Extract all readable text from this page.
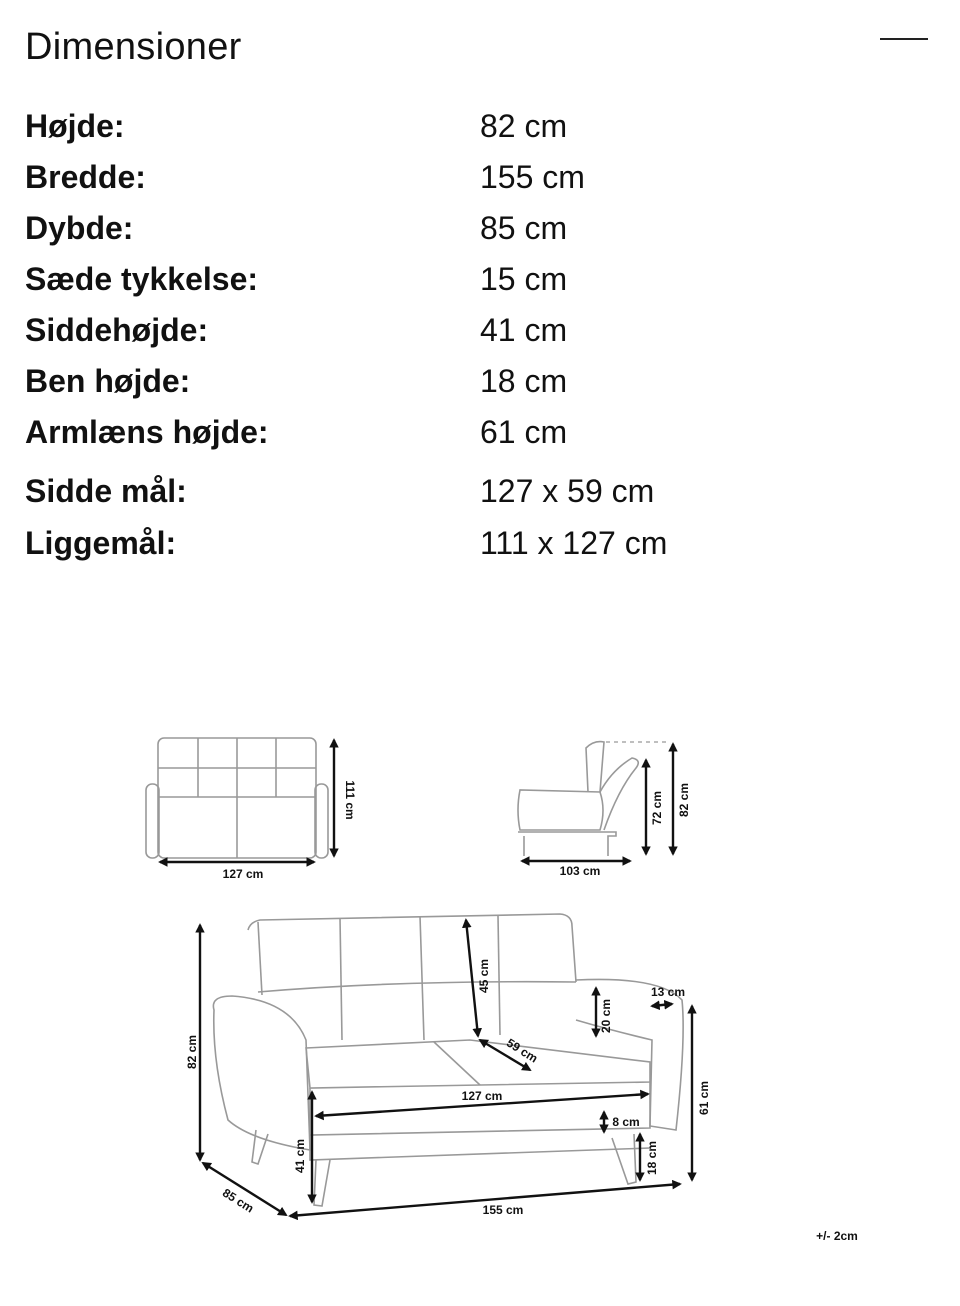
Dimensioner
Højde:	82 cm
Bredde:	155 cm
Dybde:	85 cm
Sæde tykkelse:	15 cm
Siddehøjde:	41 cm
Ben højde:	18 cm
Armlæns højde:	61 cm
Sidde mål:	127 x 59 cm
Liggemål:	111 x 127 cm
127 cm
111 cm
103 cm
72 cm 82 cm
82 cm
85 cm	155 cm
41 cm
127 cm
45 cm
59 cm
20 cm
13 cm
61 cm
8 cm
18 cm
+/- 2cm
